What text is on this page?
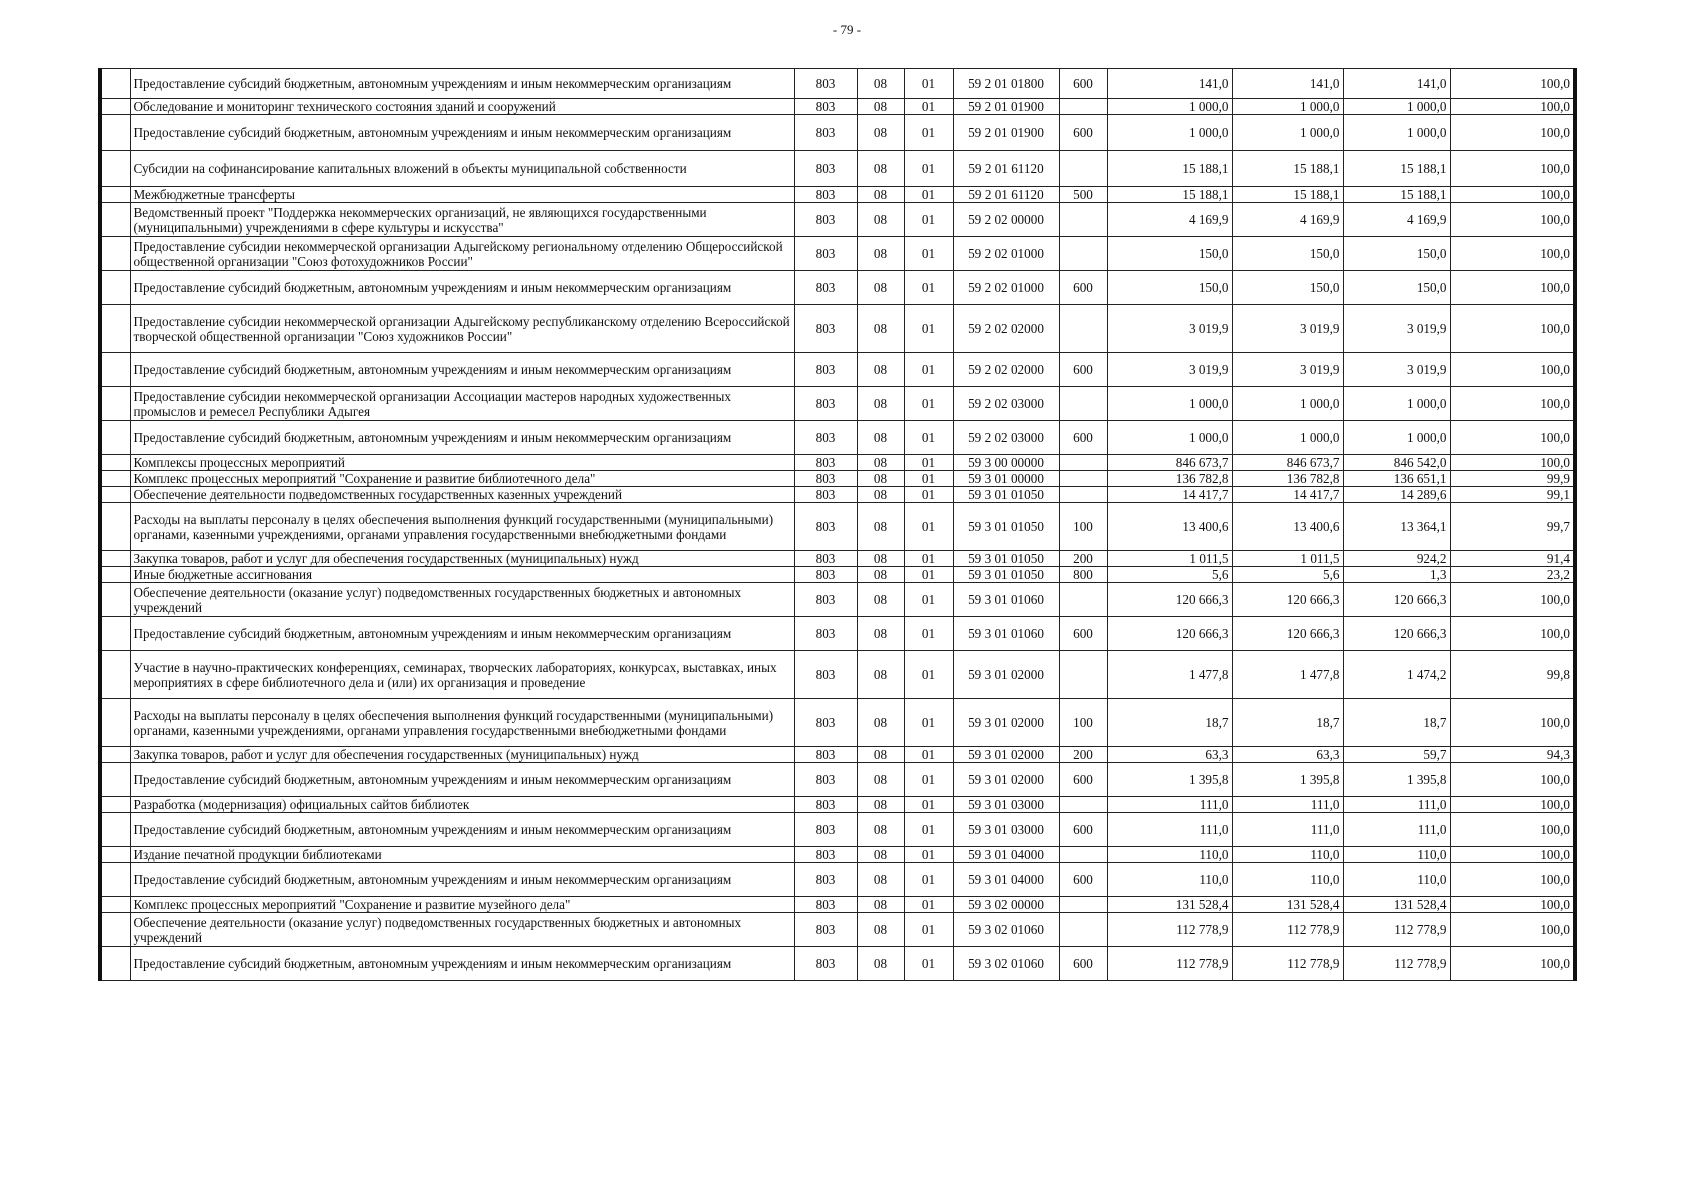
- 79 -
	Предоставление субсидий бюджетным, автономным учреждениям и иным некоммерческим организациям	803	08	01	59 2 01 01800	600	141,0	141,0	141,0	100,0
	Обследование и мониторинг технического состояния зданий и сооружений	803	08	01	59 2 01 01900		1 000,0	1 000,0	1 000,0	100,0
	Предоставление субсидий бюджетным, автономным учреждениям и иным некоммерческим организациям	803	08	01	59 2 01 01900	600	1 000,0	1 000,0	1 000,0	100,0
	Субсидии на софинансирование капитальных вложений в объекты муниципальной собственности	803	08	01	59 2 01 61120		15 188,1	15 188,1	15 188,1	100,0
	Межбюджетные трансферты	803	08	01	59 2 01 61120	500	15 188,1	15 188,1	15 188,1	100,0
	Ведомственный проект "Поддержка некоммерческих организаций, не являющихся государственными (муниципальными) учреждениями в сфере культуры и искусства"	803	08	01	59 2 02 00000		4 169,9	4 169,9	4 169,9	100,0
	Предоставление субсидии некоммерческой организации Адыгейскому региональному отделению Общероссийской общественной организации "Союз фотохудожников России"	803	08	01	59 2 02 01000		150,0	150,0	150,0	100,0
	Предоставление субсидий бюджетным, автономным учреждениям и иным некоммерческим организациям	803	08	01	59 2 02 01000	600	150,0	150,0	150,0	100,0
	Предоставление субсидии некоммерческой организации Адыгейскому республиканскому отделению Всероссийской творческой общественной организации "Союз художников России"	803	08	01	59 2 02 02000		3 019,9	3 019,9	3 019,9	100,0
	Предоставление субсидий бюджетным, автономным учреждениям и иным некоммерческим организациям	803	08	01	59 2 02 02000	600	3 019,9	3 019,9	3 019,9	100,0
	Предоставление субсидии некоммерческой организации Ассоциации мастеров народных художественных промыслов и ремесел Республики Адыгея	803	08	01	59 2 02 03000		1 000,0	1 000,0	1 000,0	100,0
	Предоставление субсидий бюджетным, автономным учреждениям и иным некоммерческим организациям	803	08	01	59 2 02 03000	600	1 000,0	1 000,0	1 000,0	100,0
	Комплексы процессных мероприятий	803	08	01	59 3 00 00000		846 673,7	846 673,7	846 542,0	100,0
	Комплекс процессных мероприятий "Сохранение и развитие библиотечного дела"	803	08	01	59 3 01 00000		136 782,8	136 782,8	136 651,1	99,9
	Обеспечение деятельности подведомственных государственных казенных учреждений	803	08	01	59 3 01 01050		14 417,7	14 417,7	14 289,6	99,1
	Расходы на выплаты персоналу в целях обеспечения выполнения функций государственными (муниципальными) органами, казенными учреждениями, органами управления государственными внебюджетными фондами	803	08	01	59 3 01 01050	100	13 400,6	13 400,6	13 364,1	99,7
	Закупка товаров, работ и услуг для обеспечения государственных (муниципальных) нужд	803	08	01	59 3 01 01050	200	1 011,5	1 011,5	924,2	91,4
	Иные бюджетные ассигнования	803	08	01	59 3 01 01050	800	5,6	5,6	1,3	23,2
	Обеспечение деятельности (оказание услуг) подведомственных государственных бюджетных и автономных учреждений	803	08	01	59 3 01 01060		120 666,3	120 666,3	120 666,3	100,0
	Предоставление субсидий бюджетным, автономным учреждениям и иным некоммерческим организациям	803	08	01	59 3 01 01060	600	120 666,3	120 666,3	120 666,3	100,0
	Участие в научно-практических конференциях, семинарах, творческих лабораториях, конкурсах, выставках, иных мероприятиях в сфере библиотечного дела и (или) их организация и проведение	803	08	01	59 3 01 02000		1 477,8	1 477,8	1 474,2	99,8
	Расходы на выплаты персоналу в целях обеспечения выполнения функций государственными (муниципальными) органами, казенными учреждениями, органами управления государственными внебюджетными фондами	803	08	01	59 3 01 02000	100	18,7	18,7	18,7	100,0
	Закупка товаров, работ и услуг для обеспечения государственных (муниципальных) нужд	803	08	01	59 3 01 02000	200	63,3	63,3	59,7	94,3
	Предоставление субсидий бюджетным, автономным учреждениям и иным некоммерческим организациям	803	08	01	59 3 01 02000	600	1 395,8	1 395,8	1 395,8	100,0
	Разработка (модернизация) официальных сайтов библиотек	803	08	01	59 3 01 03000		111,0	111,0	111,0	100,0
	Предоставление субсидий бюджетным, автономным учреждениям и иным некоммерческим организациям	803	08	01	59 3 01 03000	600	111,0	111,0	111,0	100,0
	Издание печатной продукции библиотеками	803	08	01	59 3 01 04000		110,0	110,0	110,0	100,0
	Предоставление субсидий бюджетным, автономным учреждениям и иным некоммерческим организациям	803	08	01	59 3 01 04000	600	110,0	110,0	110,0	100,0
	Комплекс процессных мероприятий "Сохранение и развитие музейного дела"	803	08	01	59 3 02 00000		131 528,4	131 528,4	131 528,4	100,0
	Обеспечение деятельности (оказание услуг) подведомственных государственных бюджетных и автономных учреждений	803	08	01	59 3 02 01060		112 778,9	112 778,9	112 778,9	100,0
	Предоставление субсидий бюджетным, автономным учреждениям и иным некоммерческим организациям	803	08	01	59 3 02 01060	600	112 778,9	112 778,9	112 778,9	100,0
